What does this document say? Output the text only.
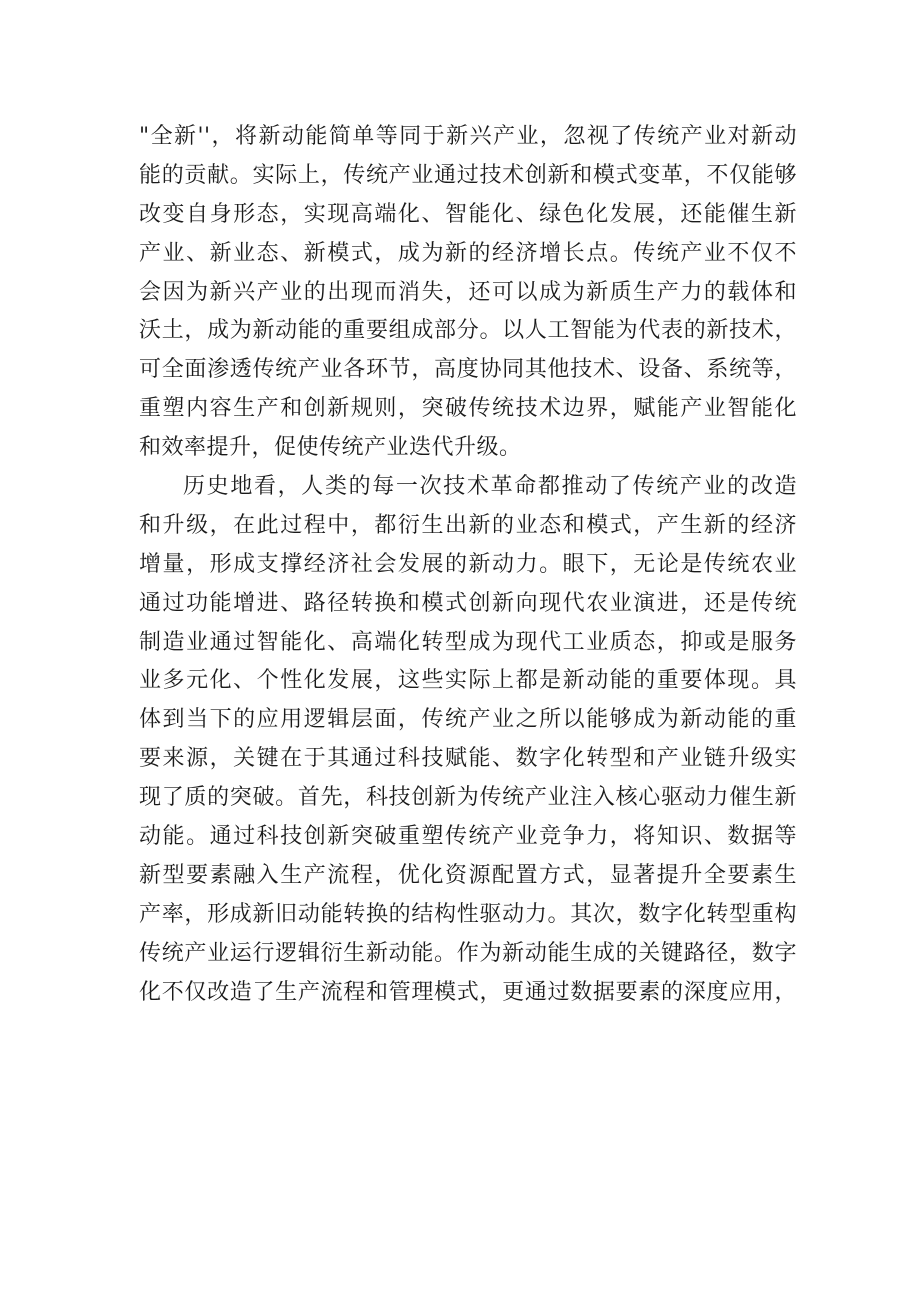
"全新''，将新动能简单等同于新兴产业，忽视了传统产业对新动
能的贡献。实际上，传统产业通过技术创新和模式变革，不仅能够
改变自身形态，实现高端化、智能化、绿色化发展，还能催生新
产业、新业态、新模式，成为新的经济增长点。传统产业不仅不
会因为新兴产业的出现而消失，还可以成为新质生产力的载体和
沃土，成为新动能的重要组成部分。以人工智能为代表的新技术，
可全面渗透传统产业各环节，高度协同其他技术、设备、系统等，
重塑内容生产和创新规则，突破传统技术边界，赋能产业智能化
和效率提升，促使传统产业迭代升级。
历史地看，人类的每一次技术革命都推动了传统产业的改造
和升级，在此过程中，都衍生出新的业态和模式，产生新的经济
增量，形成支撑经济社会发展的新动力。眼下，无论是传统农业
通过功能增进、路径转换和模式创新向现代农业演进，还是传统
制造业通过智能化、高端化转型成为现代工业质态，抑或是服务
业多元化、个性化发展，这些实际上都是新动能的重要体现。具
体到当下的应用逻辑层面，传统产业之所以能够成为新动能的重
要来源，关键在于其通过科技赋能、数字化转型和产业链升级实
现了质的突破。首先，科技创新为传统产业注入核心驱动力催生新
动能。通过科技创新突破重塑传统产业竞争力，将知识、数据等
新型要素融入生产流程，优化资源配置方式，显著提升全要素生
产率，形成新旧动能转换的结构性驱动力。其次，数字化转型重构
传统产业运行逻辑衍生新动能。作为新动能生成的关键路径，数字
化不仅改造了生产流程和管理模式，更通过数据要素的深度应用，
